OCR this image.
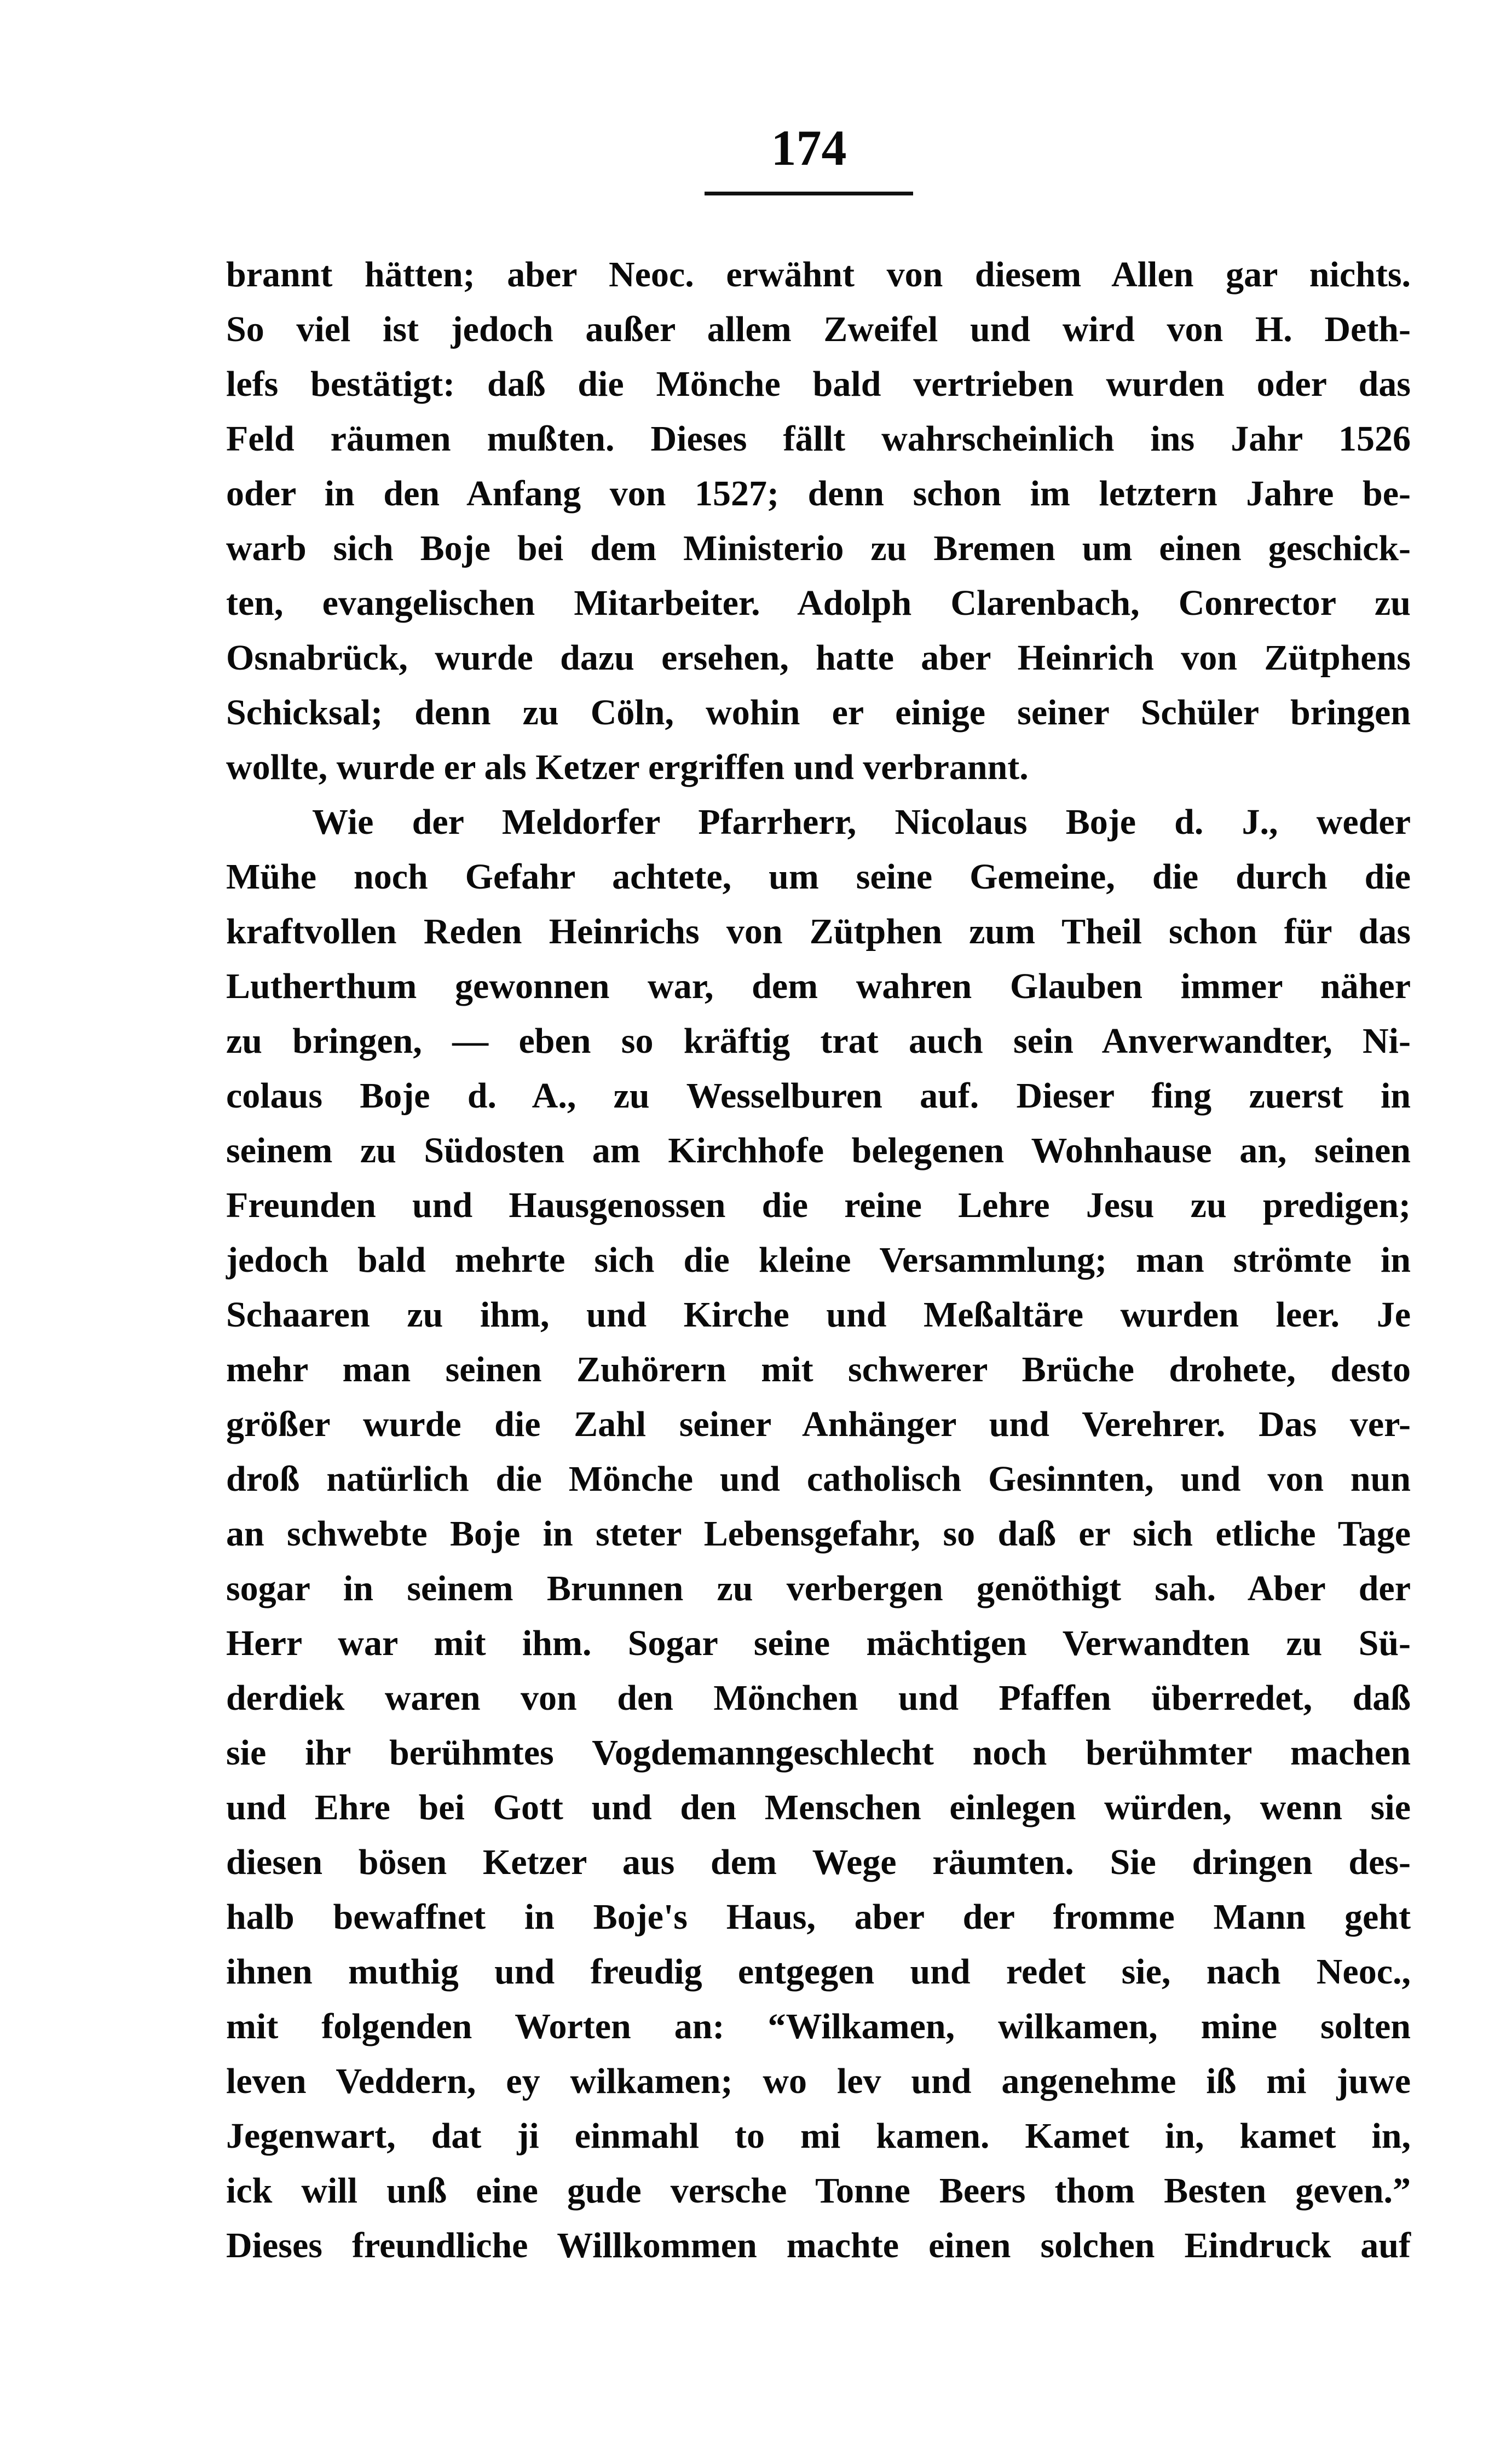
174
brannt hätten; aber Neoc. erwähnt von diesem Allen gar nichts.
So viel ist jedoch außer allem Zweifel und wird von H. Deth-
lefs bestätigt: daß die Mönche bald vertrieben wurden oder das
Feld räumen mußten. Dieses fällt wahrscheinlich ins Jahr 1526
oder in den Anfang von 1527; denn schon im letztern Jahre be-
warb sich Boje bei dem Ministerio zu Bremen um einen geschick-
ten, evangelischen Mitarbeiter. Adolph Clarenbach, Conrector zu
Osnabrück, wurde dazu ersehen, hatte aber Heinrich von Zütphens
Schicksal; denn zu Cöln, wohin er einige seiner Schüler bringen
wollte, wurde er als Ketzer ergriffen und verbrannt.
Wie der Meldorfer Pfarrherr, Nicolaus Boje d. J., weder
Mühe noch Gefahr achtete, um seine Gemeine, die durch die
kraftvollen Reden Heinrichs von Zütphen zum Theil schon für das
Lutherthum gewonnen war, dem wahren Glauben immer näher
zu bringen, — eben so kräftig trat auch sein Anverwandter, Ni-
colaus Boje d. A., zu Wesselburen auf. Dieser fing zuerst in
seinem zu Südosten am Kirchhofe belegenen Wohnhause an, seinen
Freunden und Hausgenossen die reine Lehre Jesu zu predigen;
jedoch bald mehrte sich die kleine Versammlung; man strömte in
Schaaren zu ihm, und Kirche und Meßaltäre wurden leer. Je
mehr man seinen Zuhörern mit schwerer Brüche drohete, desto
größer wurde die Zahl seiner Anhänger und Verehrer. Das ver-
droß natürlich die Mönche und catholisch Gesinnten, und von nun
an schwebte Boje in steter Lebensgefahr, so daß er sich etliche Tage
sogar in seinem Brunnen zu verbergen genöthigt sah. Aber der
Herr war mit ihm. Sogar seine mächtigen Verwandten zu Sü-
derdiek waren von den Mönchen und Pfaffen überredet, daß
sie ihr berühmtes Vogdemanngeschlecht noch berühmter machen
und Ehre bei Gott und den Menschen einlegen würden, wenn sie
diesen bösen Ketzer aus dem Wege räumten. Sie dringen des-
halb bewaffnet in Boje's Haus, aber der fromme Mann geht
ihnen muthig und freudig entgegen und redet sie, nach Neoc.,
mit folgenden Worten an: “Wilkamen, wilkamen, mine solten
leven Veddern, ey wilkamen; wo lev und angenehme iß mi juwe
Jegenwart, dat ji einmahl to mi kamen. Kamet in, kamet in,
ick will unß eine gude versche Tonne Beers thom Besten geven.”
Dieses freundliche Willkommen machte einen solchen Eindruck auf
